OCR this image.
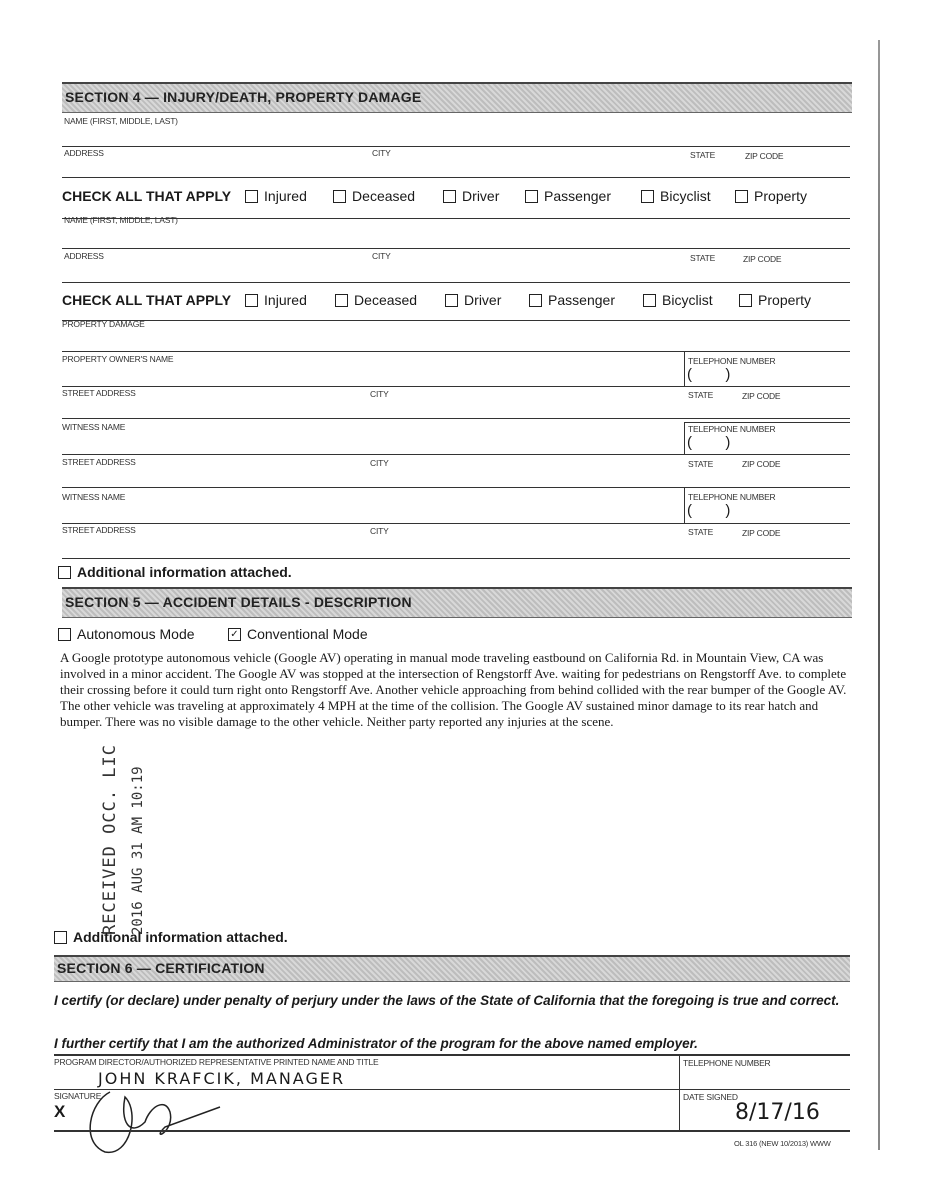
SECTION 4 — INJURY/DEATH, PROPERTY DAMAGE
NAME (FIRST, MIDDLE, LAST)
ADDRESS	CITY	STATE	ZIP CODE
CHECK ALL THAT APPLY Injured	Deceased	Driver	Passenger	Bicyclist	Property
NAME (FIRST, MIDDLE, LAST)
ADDRESS	CITY	STATE	ZIP CODE
CHECK ALL THAT APPLY Injured	Deceased	Driver	Passenger	Bicyclist	Property
PROPERTY DAMAGE
PROPERTY OWNER'S NAME	TELEPHONE NUMBER
(        )
STREET ADDRESS	CITY	STATE	ZIP CODE
WITNESS NAME	TELEPHONE NUMBER
(        )
STREET ADDRESS	CITY	STATE	ZIP CODE
WITNESS NAME	TELEPHONE NUMBER
(        )
STREET ADDRESS	CITY	STATE	ZIP CODE
Additional information attached.
SECTION 5 — ACCIDENT DETAILS - DESCRIPTION
Autonomous Mode	✓ Conventional Mode
A Google prototype autonomous vehicle (Google AV) operating in manual mode traveling eastbound on California Rd. in Mountain View, CA was involved in a minor accident. The Google AV was stopped at the intersection of Rengstorff Ave. waiting for pedestrians on Rengstorff Ave. to complete their crossing before it could turn right onto Rengstorff Ave. Another vehicle approaching from behind collided with the rear bumper of the Google AV. The other vehicle was traveling at approximately 4 MPH at the time of the collision. The Google AV sustained minor damage to its rear hatch and bumper. There was no visible damage to the other vehicle. Neither party reported any injuries at the scene.
RECEIVED OCC. LIC 2016 AUG 31 AM 10:19
Additional information attached.
SECTION 6 — CERTIFICATION
I certify (or declare) under penalty of perjury under the laws of the State of California that the foregoing is true and correct.
I further certify that I am the authorized Administrator of the program for the above named employer.
PROGRAM DIRECTOR/AUTHORIZED REPRESENTATIVE PRINTED NAME AND TITLE
JOHN KRAFCIK, MANAGER
TELEPHONE NUMBER
SIGNATURE
X
DATE SIGNED
8/17/16
OL 316 (NEW 10/2013) WWW
